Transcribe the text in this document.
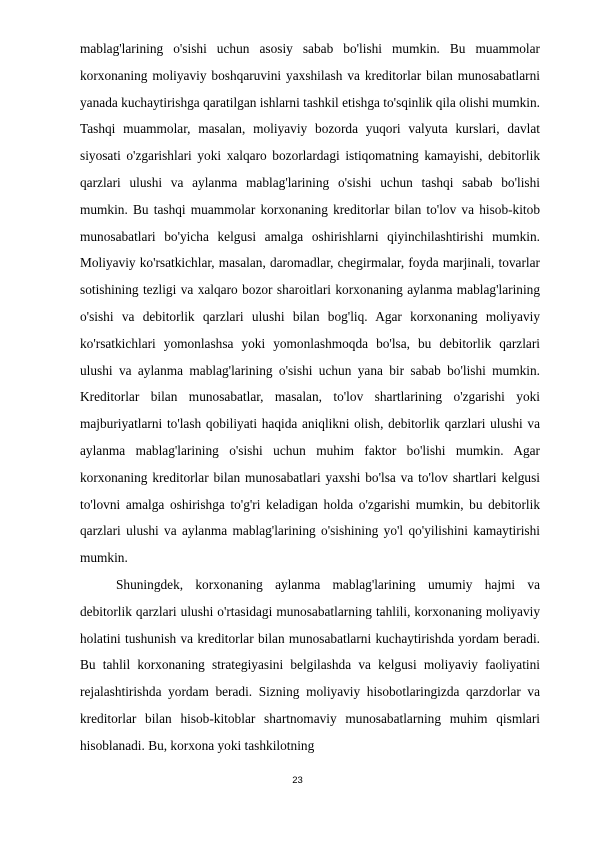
mablag'larining o'sishi uchun asosiy sabab bo'lishi mumkin. Bu muammolar korxonaning moliyaviy boshqaruvini yaxshilash va kreditorlar bilan munosabatlarni yanada kuchaytirishga qaratilgan ishlarni tashkil etishga to'sqinlik qila olishi mumkin. Tashqi muammolar, masalan, moliyaviy bozorda yuqori valyuta kurslari, davlat siyosati o'zgarishlari yoki xalqaro bozorlardagi istiqomatning kamayishi, debitorlik qarzlari ulushi va aylanma mablag'larining o'sishi uchun tashqi sabab bo'lishi mumkin. Bu tashqi muammolar korxonaning kreditorlar bilan to'lov va hisob-kitob munosabatlari bo'yicha kelgusi amalga oshirishlarni qiyinchilashtirishi mumkin. Moliyaviy ko'rsatkichlar, masalan, daromadlar, chegirmalar, foyda marjinali, tovarlar sotishining tezligi va xalqaro bozor sharoitlari korxonaning aylanma mablag'larining o'sishi va debitorlik qarzlari ulushi bilan bog'liq. Agar korxonaning moliyaviy ko'rsatkichlari yomonlashsa yoki yomonlashmoqda bo'lsa, bu debitorlik qarzlari ulushi va aylanma mablag'larining o'sishi uchun yana bir sabab bo'lishi mumkin. Kreditorlar bilan munosabatlar, masalan, to'lov shartlarining o'zgarishi yoki majburiyatlarni to'lash qobiliyati haqida aniqlikni olish, debitorlik qarzlari ulushi va aylanma mablag'larining o'sishi uchun muhim faktor bo'lishi mumkin. Agar korxonaning kreditorlar bilan munosabatlari yaxshi bo'lsa va to'lov shartlari kelgusi to'lovni amalga oshirishga to'g'ri keladigan holda o'zgarishi mumkin, bu debitorlik qarzlari ulushi va aylanma mablag'larining o'sishining yo'l qo'yilishini kamaytirishi mumkin.

Shuningdek, korxonaning aylanma mablag'larining umumiy hajmi va debitorlik qarzlari ulushi o'rtasidagi munosabatlarning tahlili, korxonaning moliyaviy holatini tushunish va kreditorlar bilan munosabatlarni kuchaytirishda yordam beradi. Bu tahlil korxonaning strategiyasini belgilashda va kelgusi moliyaviy faoliyatini rejalashtirishda yordam beradi. Sizning moliyaviy hisobotlaringizda qarzdorlar va kreditorlar bilan hisob-kitoblar shartnomaviy munosabatlarning muhim qismlari hisoblanadi. Bu, korxona yoki tashkilotning

23
